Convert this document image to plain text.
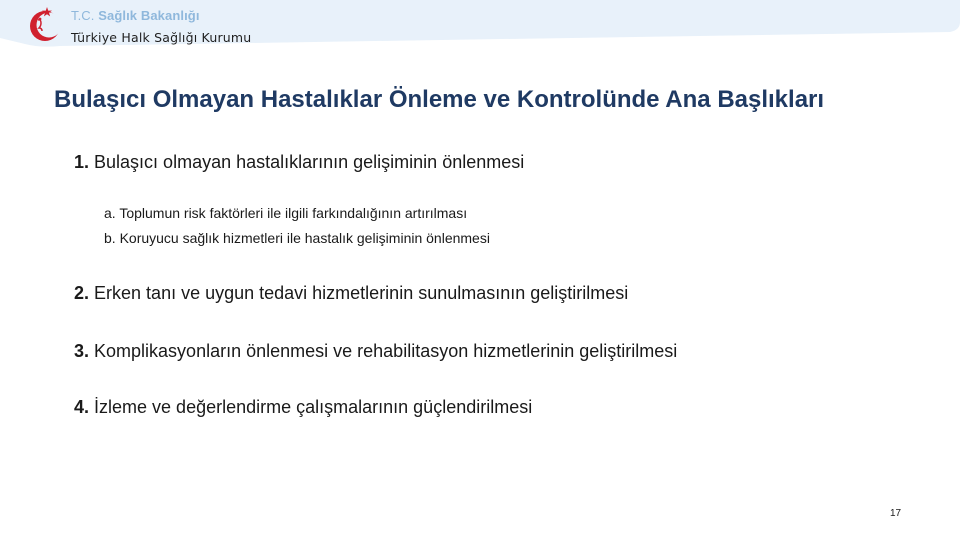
T.C. Sağlık Bakanlığı
Türkiye Halk Sağlığı Kurumu
Bulaşıcı Olmayan Hastalıklar Önleme ve Kontrolünde Ana Başlıkları
1. Bulaşıcı olmayan hastalıklarının gelişiminin önlenmesi
a. Toplumun risk faktörleri ile ilgili farkındalığının artırılması
b. Koruyucu sağlık hizmetleri ile hastalık gelişiminin önlenmesi
2. Erken tanı ve uygun tedavi hizmetlerinin sunulmasının geliştirilmesi
3. Komplikasyonların önlenmesi ve rehabilitasyon hizmetlerinin geliştirilmesi
4. İzleme ve değerlendirme çalışmalarının güçlendirilmesi
17
